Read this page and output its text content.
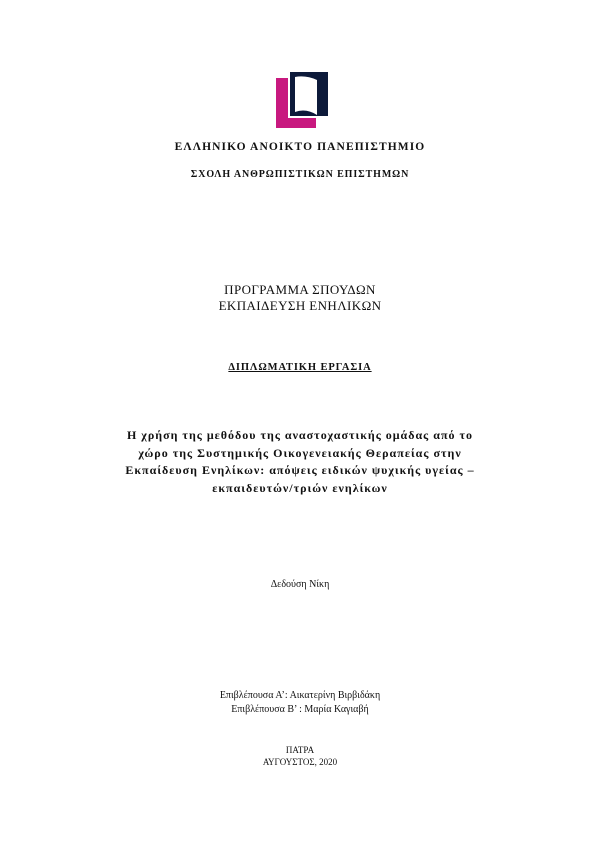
ΕΛΛΗΝΙΚΟ ΑΝΟΙΚΤΟ ΠΑΝΕΠΙΣΤΗΜΙΟ
ΣΧΟΛΗ ΑΝΘΡΩΠΙΣΤΙΚΩΝ ΕΠΙΣΤΗΜΩΝ
ΠΡΟΓΡΑΜΜΑ ΣΠΟΥΔΩΝ
ΕΚΠΑΙΔΕΥΣΗ ΕΝΗΛΙΚΩΝ
ΔΙΠΛΩΜΑΤΙΚΗ ΕΡΓΑΣΙΑ
Η χρήση της μεθόδου της αναστοχαστικής ομάδας από το
χώρο της Συστημικής Οικογενειακής Θεραπείας στην
Εκπαίδευση Ενηλίκων: απόψεις ειδικών ψυχικής υγείας –
εκπαιδευτών/τριών ενηλίκων
Δεδούση Νίκη
Επιβλέπουσα Α’: Αικατερίνη Βιρβιδάκη
Επιβλέπουσα Β’ : Μαρία Καγιαβή
ΠΑΤΡΑ
ΑΥΓΟΥΣΤΟΣ, 2020
